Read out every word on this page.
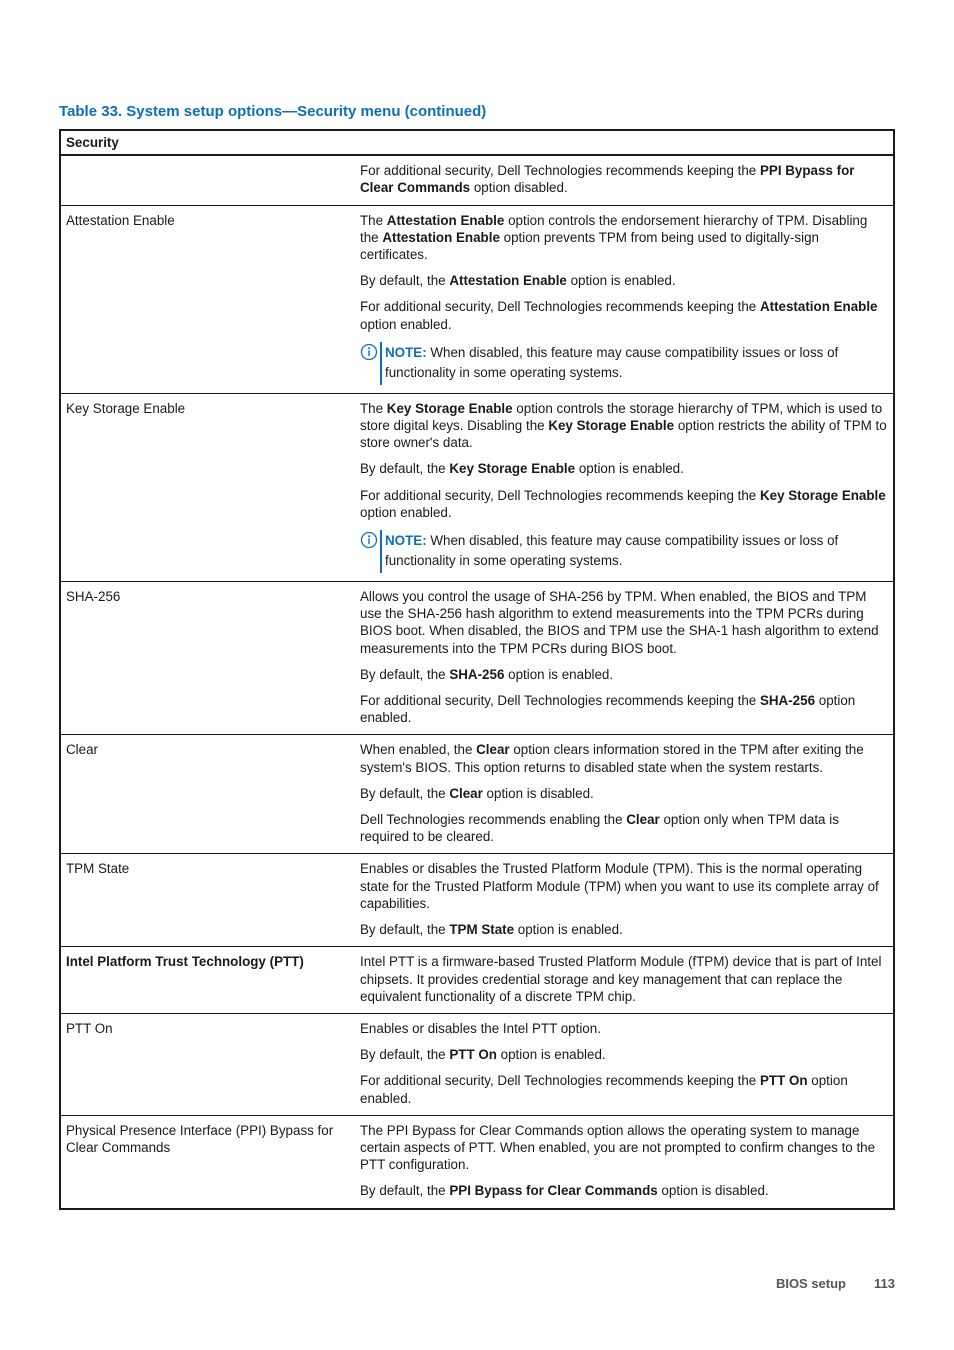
Table 33. System setup options—Security menu (continued)
Security	

	For additional security, Dell Technologies recommends keeping the PPI Bypass for Clear Commands option disabled.

Attestation Enable	The Attestation Enable option controls the endorsement hierarchy of TPM. Disabling the Attestation Enable option prevents TPM from being used to digitally-sign certificates.

By default, the Attestation Enable option is enabled.

For additional security, Dell Technologies recommends keeping the Attestation Enable option enabled.

NOTE: When disabled, this feature may cause compatibility issues or loss of functionality in some operating systems.

Key Storage Enable	The Key Storage Enable option controls the storage hierarchy of TPM, which is used to store digital keys. Disabling the Key Storage Enable option restricts the ability of TPM to store owner's data.

By default, the Key Storage Enable option is enabled.

For additional security, Dell Technologies recommends keeping the Key Storage Enable option enabled.

NOTE: When disabled, this feature may cause compatibility issues or loss of functionality in some operating systems.

SHA-256	Allows you control the usage of SHA-256 by TPM. When enabled, the BIOS and TPM use the SHA-256 hash algorithm to extend measurements into the TPM PCRs during BIOS boot. When disabled, the BIOS and TPM use the SHA-1 hash algorithm to extend measurements into the TPM PCRs during BIOS boot.

By default, the SHA-256 option is enabled.

For additional security, Dell Technologies recommends keeping the SHA-256 option enabled.

Clear	When enabled, the Clear option clears information stored in the TPM after exiting the system's BIOS. This option returns to disabled state when the system restarts.

By default, the Clear option is disabled.

Dell Technologies recommends enabling the Clear option only when TPM data is required to be cleared.

TPM State	Enables or disables the Trusted Platform Module (TPM). This is the normal operating state for the Trusted Platform Module (TPM) when you want to use its complete array of capabilities.

By default, the TPM State option is enabled.

Intel Platform Trust Technology (PTT)	Intel PTT is a firmware-based Trusted Platform Module (fTPM) device that is part of Intel chipsets. It provides credential storage and key management that can replace the equivalent functionality of a discrete TPM chip.

PTT On	Enables or disables the Intel PTT option.

By default, the PTT On option is enabled.

For additional security, Dell Technologies recommends keeping the PTT On option enabled.

Physical Presence Interface (PPI) Bypass for Clear Commands	The PPI Bypass for Clear Commands option allows the operating system to manage certain aspects of PTT. When enabled, you are not prompted to confirm changes to the PTT configuration.

By default, the PPI Bypass for Clear Commands option is disabled.

BIOS setup 113
